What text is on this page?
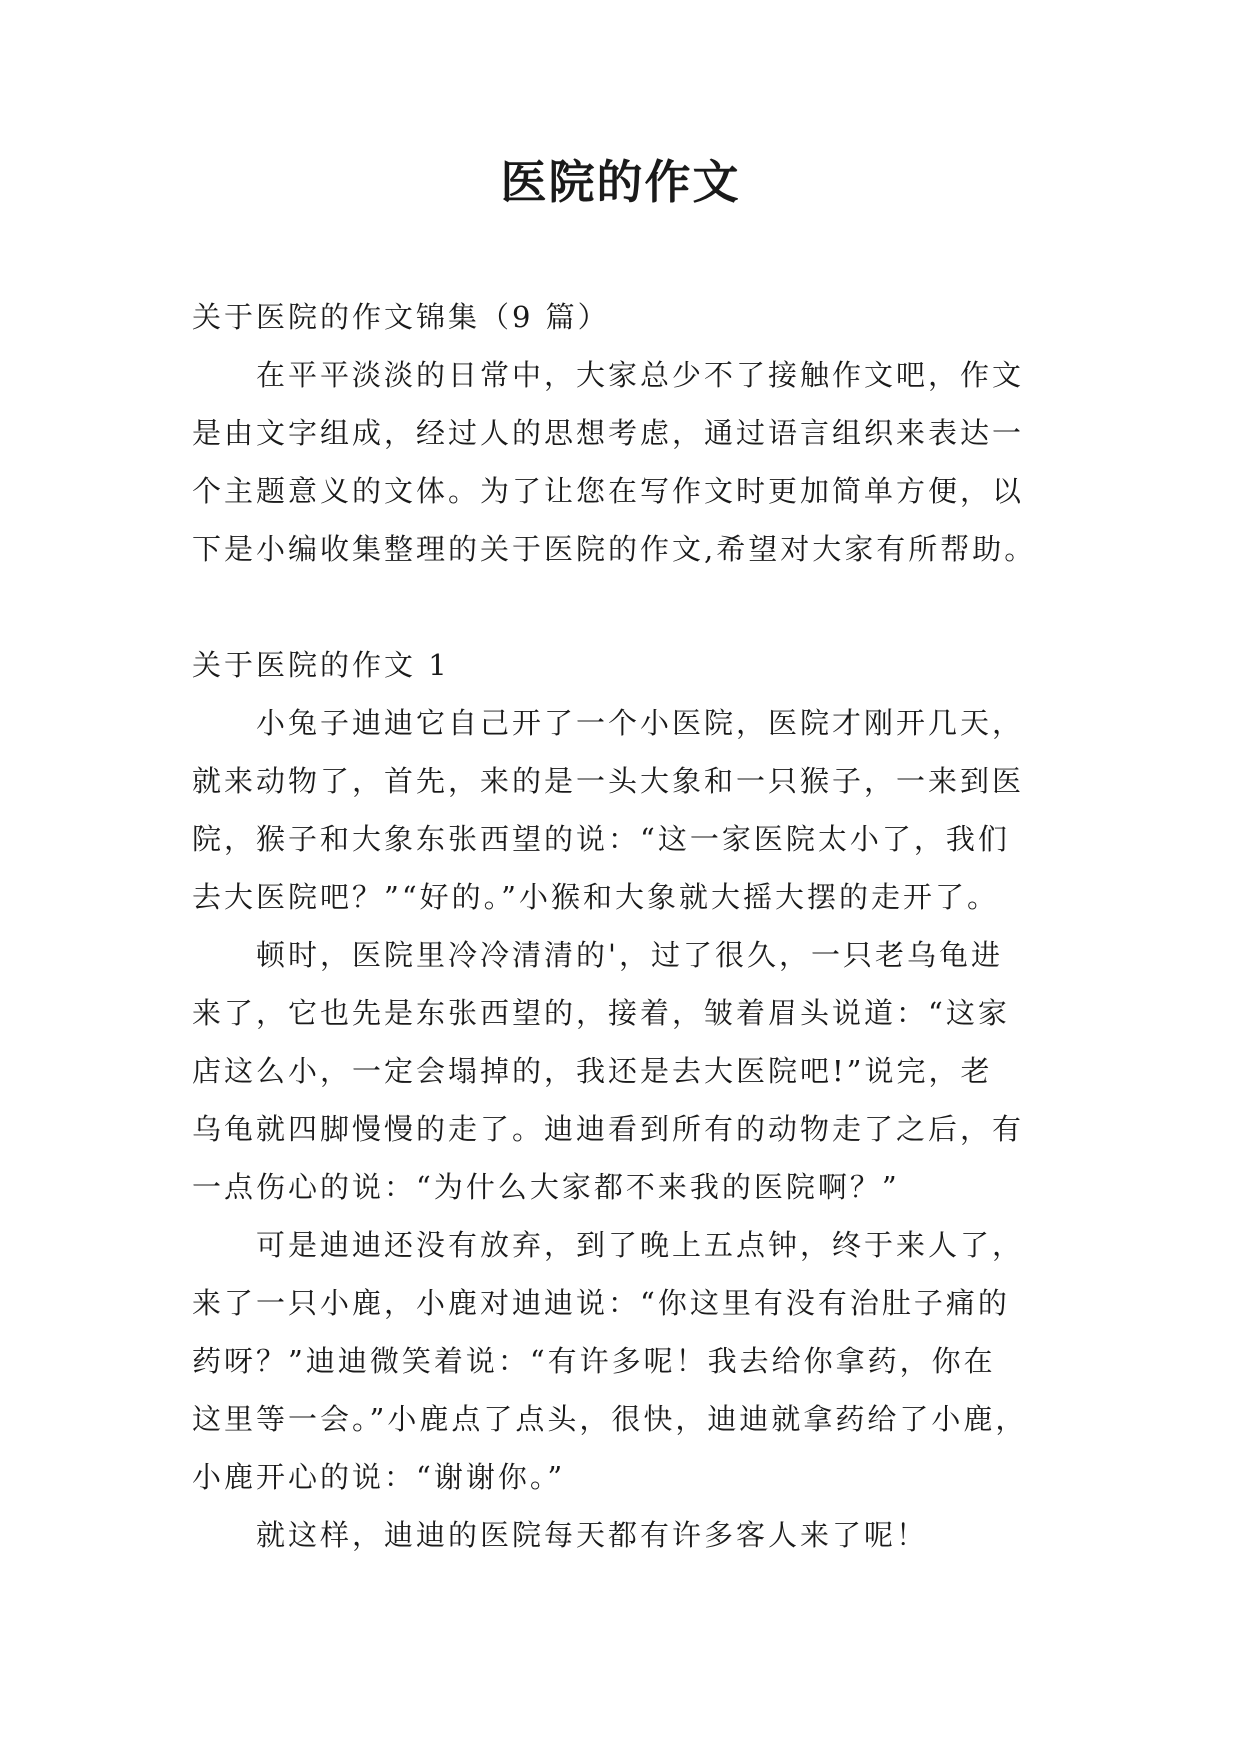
医院的作文
关于医院的作文锦集（9 篇）
在平平淡淡的日常中，大家总少不了接触作文吧，作文
是由文字组成，经过人的思想考虑，通过语言组织来表达一
个主题意义的文体。为了让您在写作文时更加简单方便，以
下是小编收集整理的关于医院的作文,希望对大家有所帮助。
关于医院的作文 1
小兔子迪迪它自己开了一个小医院，医院才刚开几天，
就来动物了，首先，来的是一头大象和一只猴子，一来到医
院，猴子和大象东张西望的说：“这一家医院太小了，我们
去大医院吧？”“好的。”小猴和大象就大摇大摆的走开了。
顿时，医院里冷冷清清的'，过了很久，一只老乌龟进
来了，它也先是东张西望的，接着，皱着眉头说道：“这家
店这么小，一定会塌掉的，我还是去大医院吧!”说完，老
乌龟就四脚慢慢的走了。迪迪看到所有的动物走了之后，有
一点伤心的说：“为什么大家都不来我的医院啊？”
可是迪迪还没有放弃，到了晚上五点钟，终于来人了，
来了一只小鹿，小鹿对迪迪说：“你这里有没有治肚子痛的
药呀？”迪迪微笑着说：“有许多呢！我去给你拿药，你在
这里等一会。”小鹿点了点头，很快，迪迪就拿药给了小鹿，
小鹿开心的说：“谢谢你。”
就这样，迪迪的医院每天都有许多客人来了呢！
